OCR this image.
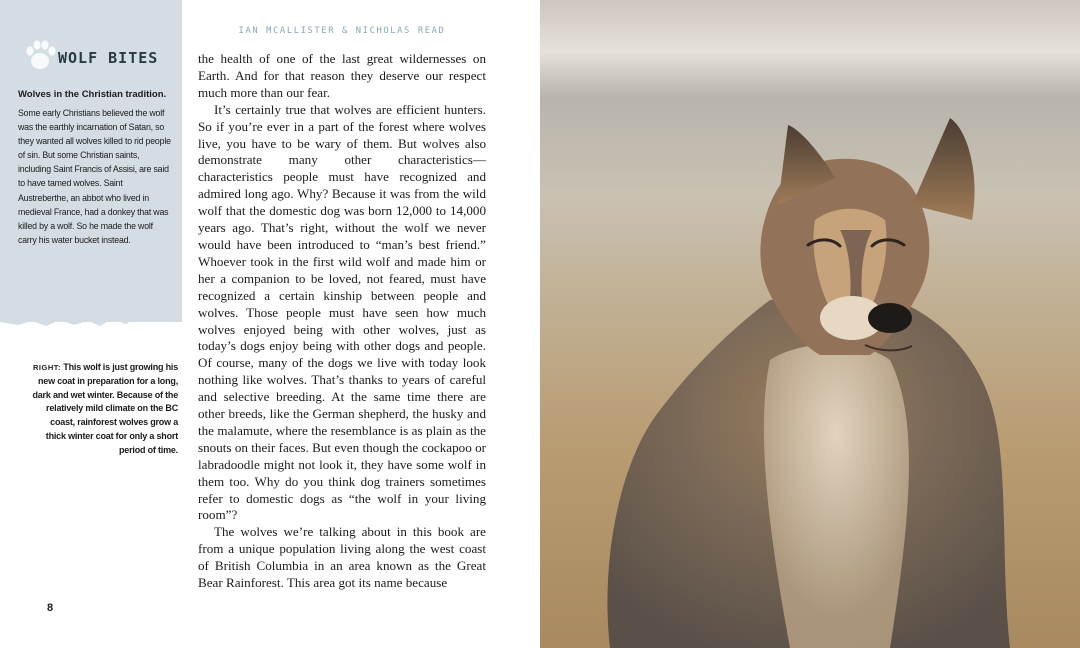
WOLF BITES
Wolves in the Christian tradition.
Some early Christians believed the wolf was the earthly incarnation of Satan, so they wanted all wolves killed to rid people of sin. But some Christian saints, including Saint Francis of Assisi, are said to have tamed wolves. Saint Austreberthe, an abbot who lived in medieval France, had a donkey that was killed by a wolf. So he made the wolf carry his water bucket instead.
RIGHT: This wolf is just growing his new coat in preparation for a long, dark and wet winter. Because of the relatively mild climate on the BC coast, rainforest wolves grow a thick winter coat for only a short period of time.
IAN MCALLISTER & NICHOLAS READ

the health of one of the last great wildernesses on Earth. And for that reason they deserve our respect much more than our fear.

It’s certainly true that wolves are efficient hunters. So if you’re ever in a part of the forest where wolves live, you have to be wary of them. But wolves also demonstrate many other characteristics—characteristics people must have recognized and admired long ago. Why? Because it was from the wild wolf that the domestic dog was born 12,000 to 14,000 years ago. That’s right, without the wolf we never would have been introduced to “man’s best friend.” Whoever took in the first wild wolf and made him or her a companion to be loved, not feared, must have recognized a certain kinship between people and wolves. Those people must have seen how much wolves enjoyed being with other wolves, just as today’s dogs enjoy being with other dogs and people. Of course, many of the dogs we live with today look nothing like wolves. That’s thanks to years of careful and selective breeding. At the same time there are other breeds, like the German shepherd, the husky and the malamute, where the resemblance is as plain as the snouts on their faces. But even though the cockapoo or labradoodle might not look it, they have some wolf in them too. Why do you think dog trainers sometimes refer to domestic dogs as “the wolf in your living room”?

The wolves we’re talking about in this book are from a unique population living along the west coast of British Columbia in an area known as the Great Bear Rainforest. This area got its name because

8
